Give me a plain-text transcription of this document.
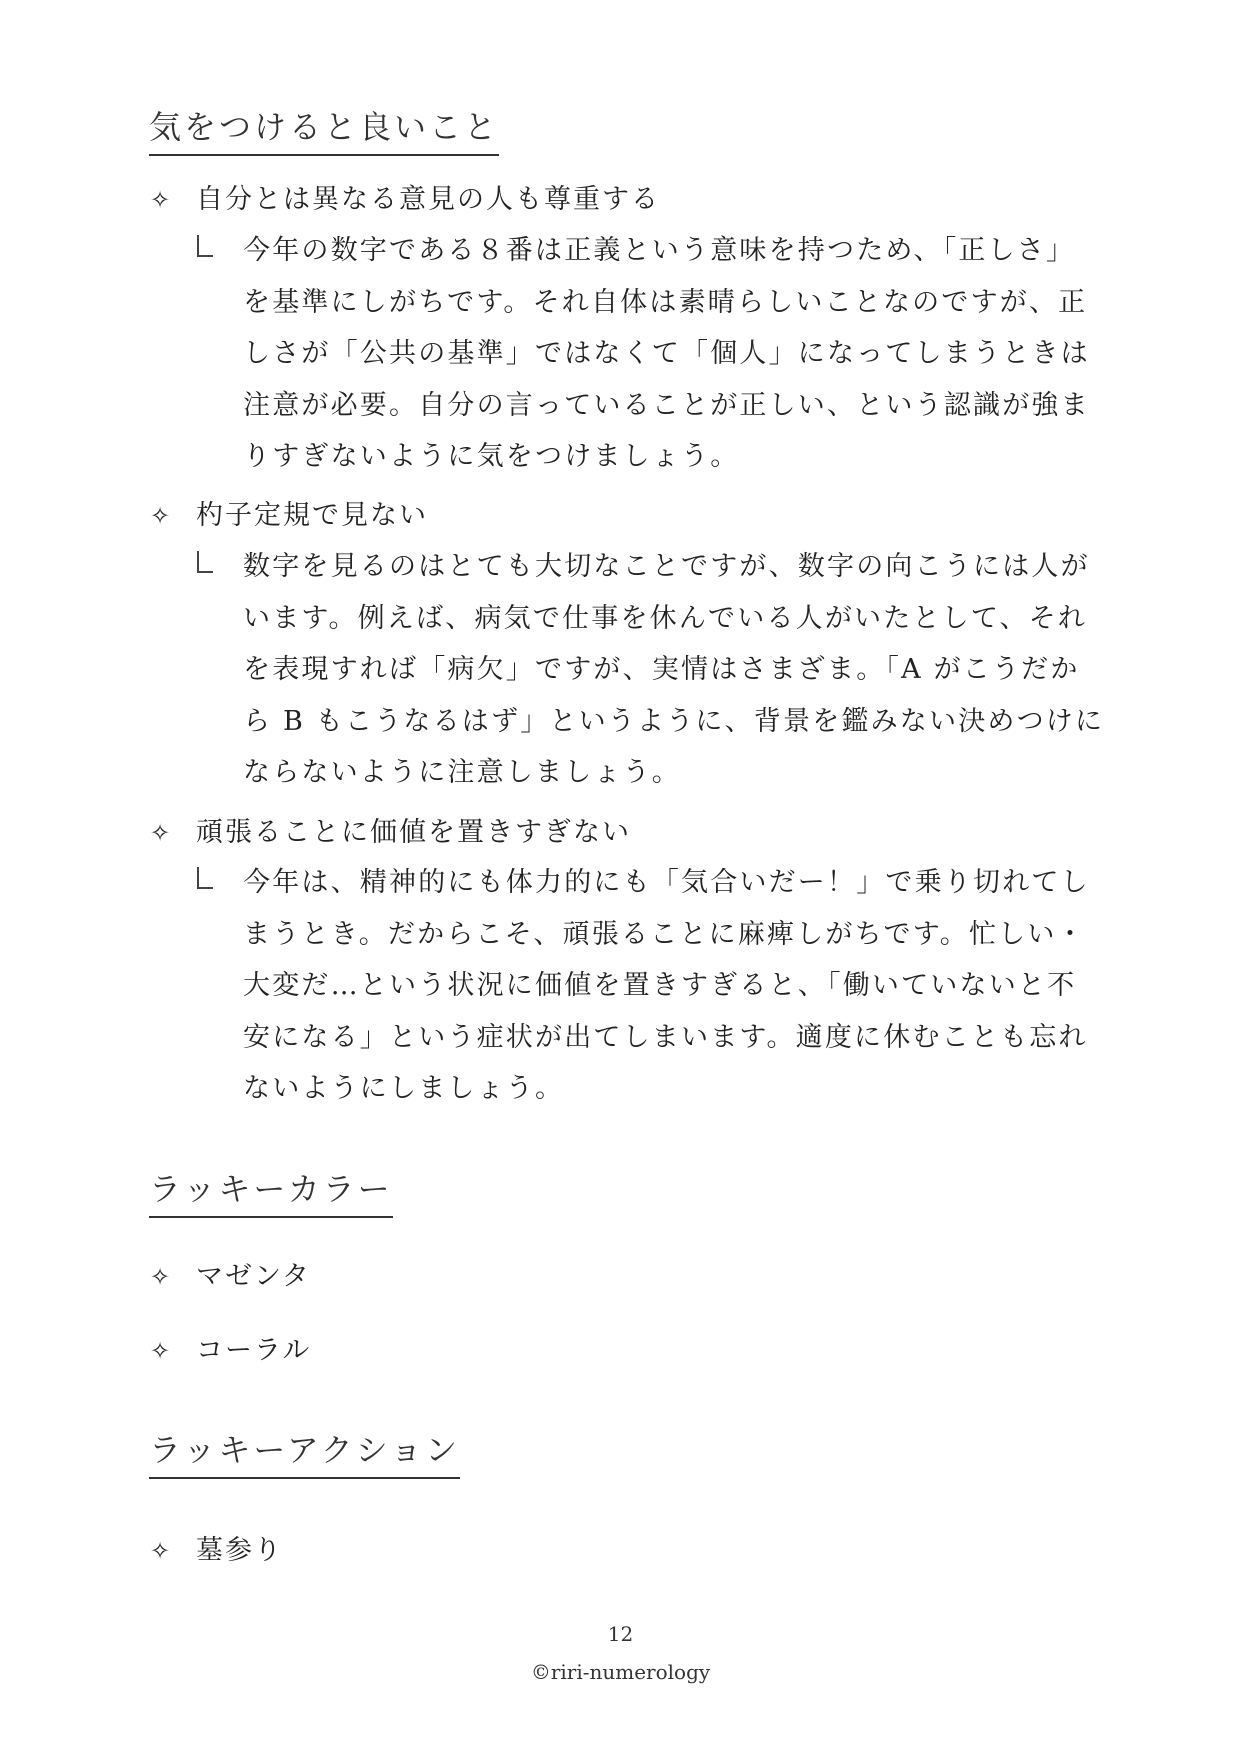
気をつけると良いこと
✧ 自分とは異なる意見の人も尊重する
今年の数字である８番は正義という意味を持つため、「正しさ」
を基準にしがちです。それ自体は素晴らしいことなのですが、正
しさが「公共の基準」ではなくて「個人」になってしまうときは
注意が必要。自分の言っていることが正しい、という認識が強ま
りすぎないように気をつけましょう。
✧ 杓子定規で見ない
数字を見るのはとても大切なことですが、数字の向こうには人が
います。例えば、病気で仕事を休んでいる人がいたとして、それ
を表現すれば「病欠」ですが、実情はさまざま。「A がこうだか
ら B もこうなるはず」というように、背景を鑑みない決めつけに
ならないように注意しましょう。
✧ 頑張ることに価値を置きすぎない
今年は、精神的にも体力的にも「気合いだー！」で乗り切れてし
まうとき。だからこそ、頑張ることに麻痺しがちです。忙しい・
大変だ…という状況に価値を置きすぎると、「働いていないと不
安になる」という症状が出てしまいます。適度に休むことも忘れ
ないようにしましょう。
ラッキーカラー
✧ マゼンタ
✧ コーラル
ラッキーアクション
✧ 墓参り
12
©riri-numerology
